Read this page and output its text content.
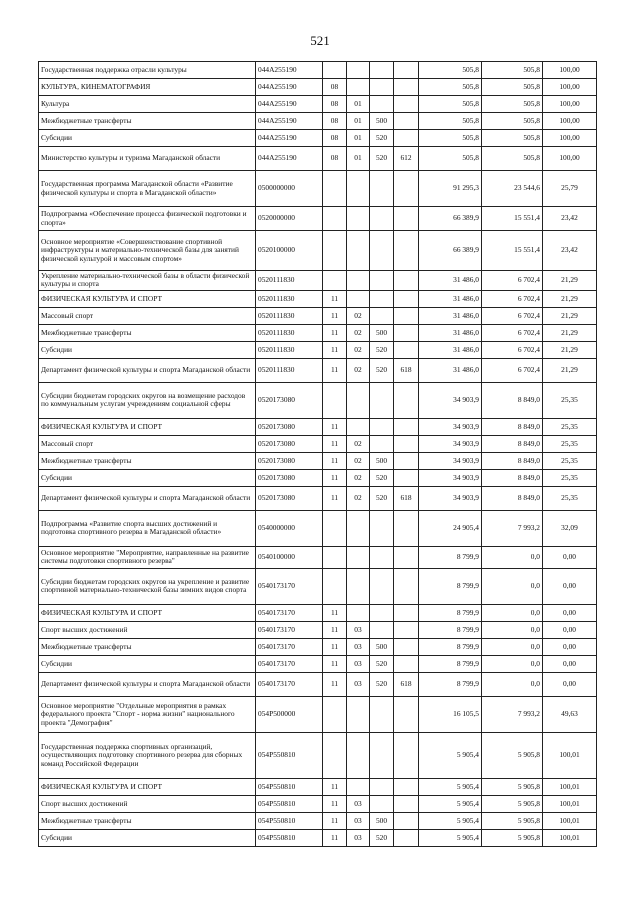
521
Государственная поддержка отрасли культуры	044A255190					505,8	505,8	100,00
КУЛЬТУРА, КИНЕМАТОГРАФИЯ	044A255190	08				505,8	505,8	100,00
Культура	044A255190	08	01			505,8	505,8	100,00
Межбюджетные трансферты	044A255190	08	01	500		505,8	505,8	100,00
Субсидии	044A255190	08	01	520		505,8	505,8	100,00
Министерство культуры и туризма Магаданской области	044A255190	08	01	520	612	505,8	505,8	100,00
Государственная программа Магаданской области «Развитие физической культуры и спорта в Магаданской области»	0500000000					91 295,3	23 544,6	25,79
Подпрограмма «Обеспечение процесса физической подготовки и спорта»	0520000000					66 389,9	15 551,4	23,42
Основное мероприятие «Совершенствование спортивной инфраструктуры и материально-технической базы для занятий физической культурой и массовым спортом»	0520100000					66 389,9	15 551,4	23,42
Укрепление материально-технической базы в области физической культуры и спорта	0520111830					31 486,0	6 702,4	21,29
ФИЗИЧЕСКАЯ КУЛЬТУРА И СПОРТ	0520111830	11				31 486,0	6 702,4	21,29
Массовый спорт	0520111830	11	02			31 486,0	6 702,4	21,29
Межбюджетные трансферты	0520111830	11	02	500		31 486,0	6 702,4	21,29
Субсидии	0520111830	11	02	520		31 486,0	6 702,4	21,29
Департамент физической культуры и спорта Магаданской области	0520111830	11	02	520	618	31 486,0	6 702,4	21,29
Субсидии бюджетам городских округов на возмещение расходов по коммунальным услугам учреждениям социальной сферы	0520173080					34 903,9	8 849,0	25,35
ФИЗИЧЕСКАЯ КУЛЬТУРА И СПОРТ	0520173080	11				34 903,9	8 849,0	25,35
Массовый спорт	0520173080	11	02			34 903,9	8 849,0	25,35
Межбюджетные трансферты	0520173080	11	02	500		34 903,9	8 849,0	25,35
Субсидии	0520173080	11	02	520		34 903,9	8 849,0	25,35
Департамент физической культуры и спорта Магаданской области	0520173080	11	02	520	618	34 903,9	8 849,0	25,35
Подпрограмма «Развитие спорта высших достижений и подготовка спортивного резерва в Магаданской области»	0540000000					24 905,4	7 993,2	32,09
Основное мероприятие "Мероприятие, направленные на развитие системы подготовки спортивного резерва"	0540100000					8 799,9	0,0	0,00
Субсидии бюджетам городских округов на укрепление и развитие спортивной материально-технической базы зимних видов спорта	0540173170					8 799,9	0,0	0,00
ФИЗИЧЕСКАЯ КУЛЬТУРА И СПОРТ	0540173170	11				8 799,9	0,0	0,00
Спорт высших достижений	0540173170	11	03			8 799,9	0,0	0,00
Межбюджетные трансферты	0540173170	11	03	500		8 799,9	0,0	0,00
Субсидии	0540173170	11	03	520		8 799,9	0,0	0,00
Департамент физической культуры и спорта Магаданской области	0540173170	11	03	520	618	8 799,9	0,0	0,00
Основное мероприятие "Отдельные мероприятия в рамках федерального проекта "Спорт - норма жизни" национального проекта "Демография"	054P500000					16 105,5	7 993,2	49,63
Государственная поддержка спортивных организаций, осуществляющих подготовку спортивного резерва для сборных команд Российской Федерации	054P550810					5 905,4	5 905,8	100,01
ФИЗИЧЕСКАЯ КУЛЬТУРА И СПОРТ	054P550810	11				5 905,4	5 905,8	100,01
Спорт высших достижений	054P550810	11	03			5 905,4	5 905,8	100,01
Межбюджетные трансферты	054P550810	11	03	500		5 905,4	5 905,8	100,01
Субсидии	054P550810	11	03	520		5 905,4	5 905,8	100,01
